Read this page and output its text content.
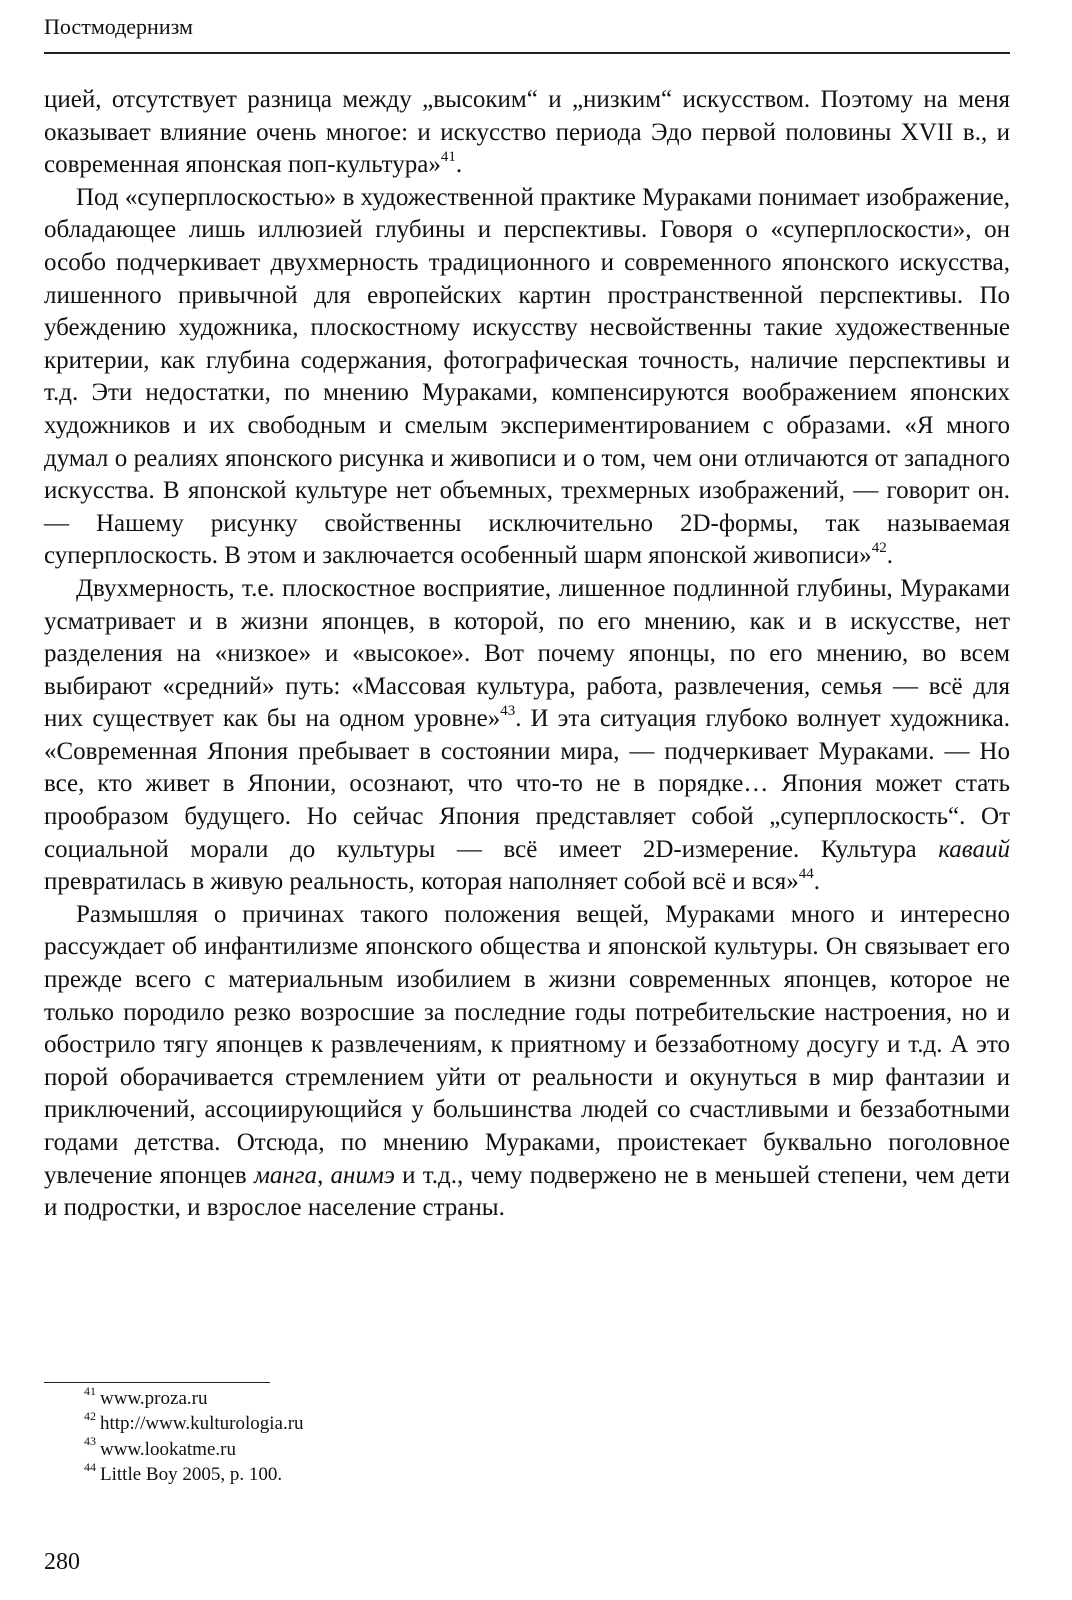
Постмодернизм

цией, отсутствует разница между „высоким“ и „низким“ искусством. Поэтому на меня оказывает влияние очень многое: и искусство периода Эдо первой половины XVII в., и современная японская поп-культура»$^{41}$.

Под «суперплоскостью» в художественной практике Мураками понимает изображение, обладающее лишь иллюзией глубины и перспективы. Говоря о «суперплоскости», он особо подчеркивает двухмерность традиционного и современного японского искусства, лишенного привычной для европейских картин пространственной перспективы. По убеждению художника, плоскостному искусству несвойственны такие художественные критерии, как глубина содержания, фотографическая точность, наличие перспективы и т.д. Эти недостатки, по мнению Мураками, компенсируются воображением японских художников и их свободным и смелым экспериментированием с образами. «Я много думал о реалиях японского рисунка и живописи и о том, чем они отличаются от западного искусства. В японской культуре нет объемных, трехмерных изображений, — говорит он. — Нашему рисунку свойственны исключительно 2D-формы, так называемая суперплоскость. В этом и заключается особенный шарм японской живописи»$^{42}$.

Двухмерность, т.е. плоскостное восприятие, лишенное подлинной глубины, Мураками усматривает и в жизни японцев, в которой, по его мнению, как и в искусстве, нет разделения на «низкое» и «высокое». Вот почему японцы, по его мнению, во всем выбирают «средний» путь: «Массовая культура, работа, развлечения, семья — всё для них существует как бы на одном уровне»$^{43}$. И эта ситуация глубоко волнует художника. «Современная Япония пребывает в состоянии мира, — подчеркивает Мураками. — Но все, кто живет в Японии, осознают, что что-то не в порядке… Япония может стать прообразом будущего. Но сейчас Япония представляет собой „суперплоскость“. От социальной морали до культуры — всё имеет 2D-измерение. Культура каваий превратилась в живую реальность, которая наполняет собой всё и вся»$^{44}$.

Размышляя о причинах такого положения вещей, Мураками много и интересно рассуждает об инфантилизме японского общества и японской культуры. Он связывает его прежде всего с материальным изобилием в жизни современных японцев, которое не только породило резко возросшие за последние годы потребительские настроения, но и обострило тягу японцев к развлечениям, к приятному и беззаботному досугу и т.д. А это порой оборачивается стремлением уйти от реальности и окунуться в мир фантазии и приключений, ассоциирующийся у большинства людей со счастливыми и беззаботными годами детства. Отсюда, по мнению Мураками, проистекает буквально поголовное увлечение японцев манга, анимэ и т.д., чему подвержено не в меньшей степени, чем дети и подростки, и взрослое население страны.

$^{41}$ www.proza.ru
$^{42}$ http://www.kulturologia.ru
$^{43}$ www.lookatme.ru
$^{44}$ Little Boy 2005, p. 100.
280
